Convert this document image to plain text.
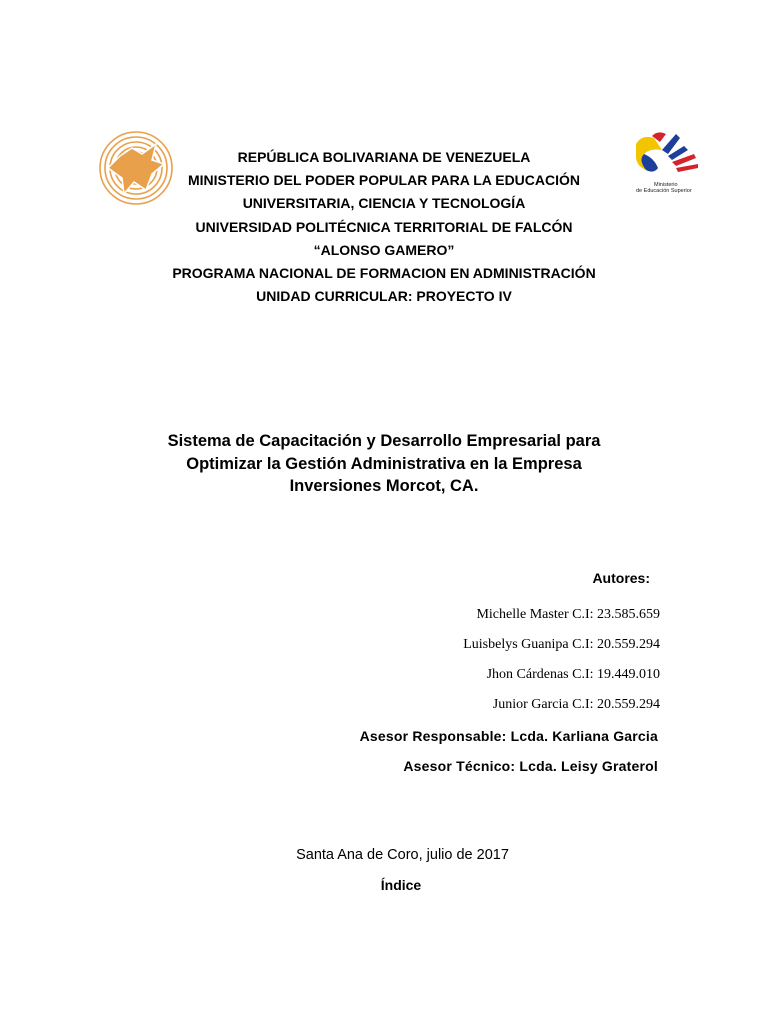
Ministerio
de Educación Superior
REPÚBLICA BOLIVARIANA DE VENEZUELA
MINISTERIO DEL PODER POPULAR PARA LA EDUCACIÓN
UNIVERSITARIA, CIENCIA Y TECNOLOGÍA
UNIVERSIDAD POLITÉCNICA TERRITORIAL DE FALCÓN
“ALONSO GAMERO”
PROGRAMA NACIONAL DE FORMACION EN ADMINISTRACIÓN
UNIDAD CURRICULAR: PROYECTO IV
Sistema de Capacitación y Desarrollo Empresarial para
Optimizar la Gestión Administrativa en la Empresa
Inversiones Morcot, CA.
Autores:
Michelle Master C.I: 23.585.659
Luisbelys Guanipa C.I: 20.559.294
Jhon Cárdenas C.I: 19.449.010
Junior Garcia C.I: 20.559.294
Asesor Responsable: Lcda. Karliana Garcia
Asesor Técnico: Lcda. Leisy Graterol
Santa Ana de Coro, julio de 2017
Índice
